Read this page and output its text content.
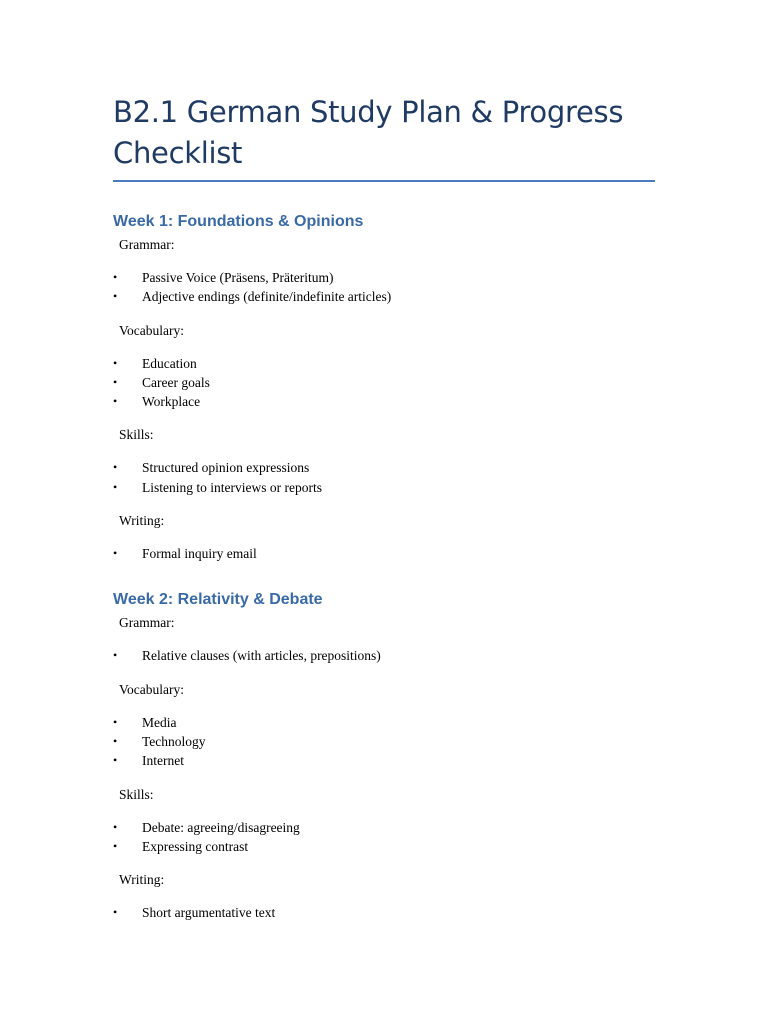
B2.1 German Study Plan & Progress Checklist
Week 1: Foundations & Opinions
Grammar:
• Passive Voice (Präsens, Präteritum)
• Adjective endings (definite/indefinite articles)
Vocabulary:
• Education
• Career goals
• Workplace
Skills:
• Structured opinion expressions
• Listening to interviews or reports
Writing:
• Formal inquiry email
Week 2: Relativity & Debate
Grammar:
• Relative clauses (with articles, prepositions)
Vocabulary:
• Media
• Technology
• Internet
Skills:
• Debate: agreeing/disagreeing
• Expressing contrast
Writing:
• Short argumentative text
